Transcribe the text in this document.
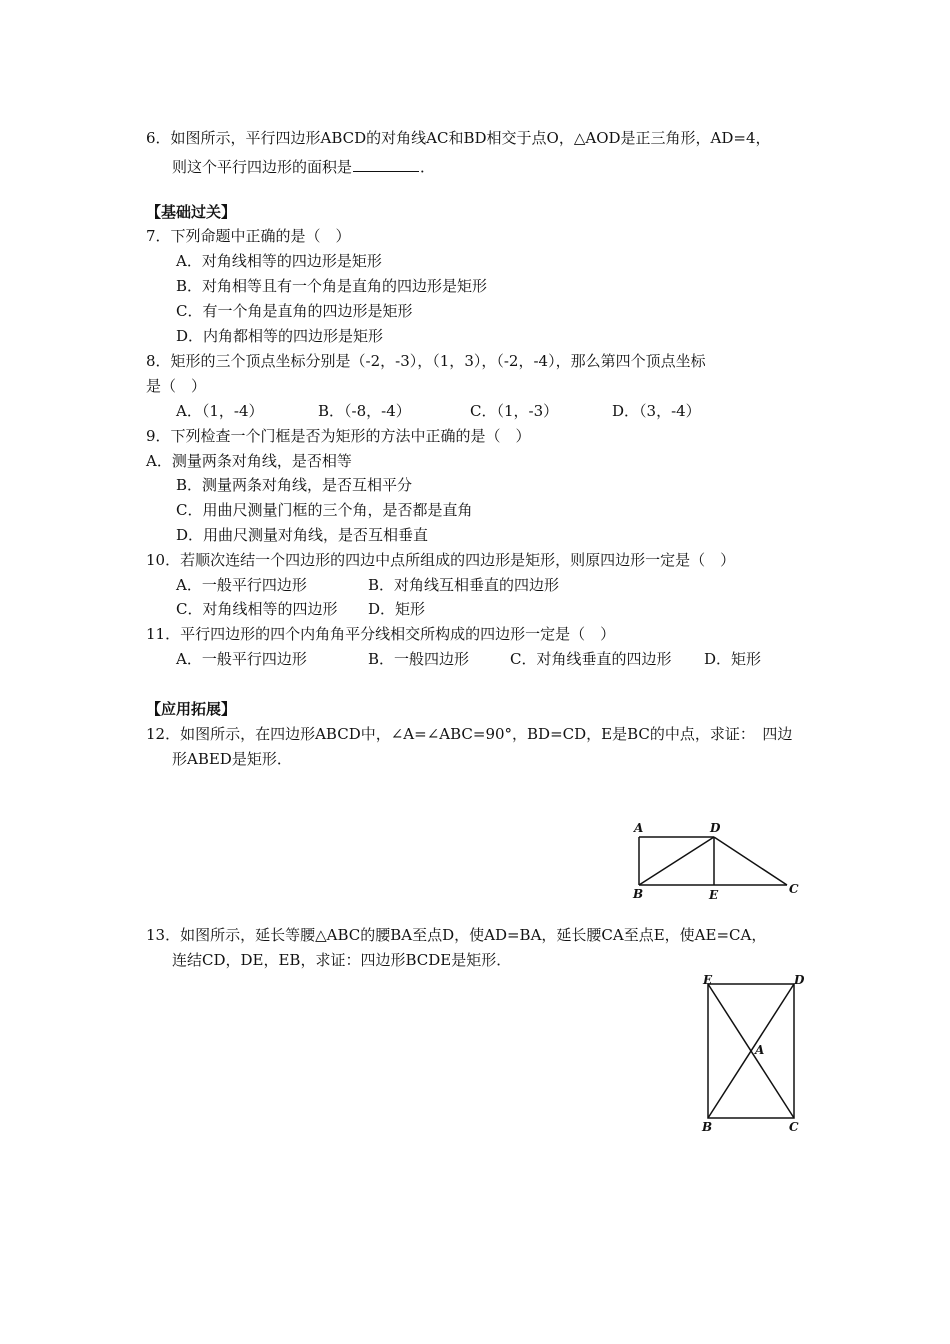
6．如图所示，平行四边形ABCD的对角线AC和BD相交于点O，△AOD是正三角形，AD=4，
则这个平行四边形的面积是	．
【基础过关】
7．下列命题中正确的是（　）
A．对角线相等的四边形是矩形
B．对角相等且有一个角是直角的四边形是矩形
C．有一个角是直角的四边形是矩形
D．内角都相等的四边形是矩形
8．矩形的三个顶点坐标分别是（-2，-3），（1，3），（-2，-4），那么第四个顶点坐标
是（　）
A．（1，-4）	B．（-8，-4）	C．（1，-3）	D．（3，-4）
9．下列检查一个门框是否为矩形的方法中正确的是（　）
A．测量两条对角线，是否相等
B．测量两条对角线，是否互相平分
C．用曲尺测量门框的三个角，是否都是直角
D．用曲尺测量对角线，是否互相垂直
10．若顺次连结一个四边形的四边中点所组成的四边形是矩形，则原四边形一定是（　）
A．一般平行四边形	B．对角线互相垂直的四边形
C．对角线相等的四边形 D．矩形
11．平行四边形的四个内角角平分线相交所构成的四边形一定是（　）
A．一般平行四边形	B．一般四边形	C．对角线垂直的四边形 D．矩形
【应用拓展】
12．如图所示，在四边形ABCD中，∠A=∠ABC=90°，BD=CD，E是BC的中点，求证：　四边
形ABED是矩形．
A	D
B	E	C
13．如图所示，延长等腰△ABC的腰BA至点D，使AD=BA，延长腰CA至点E，使AE=CA，
连结CD，DE，EB，求证：四边形BCDE是矩形．
E	D
A
B	C
